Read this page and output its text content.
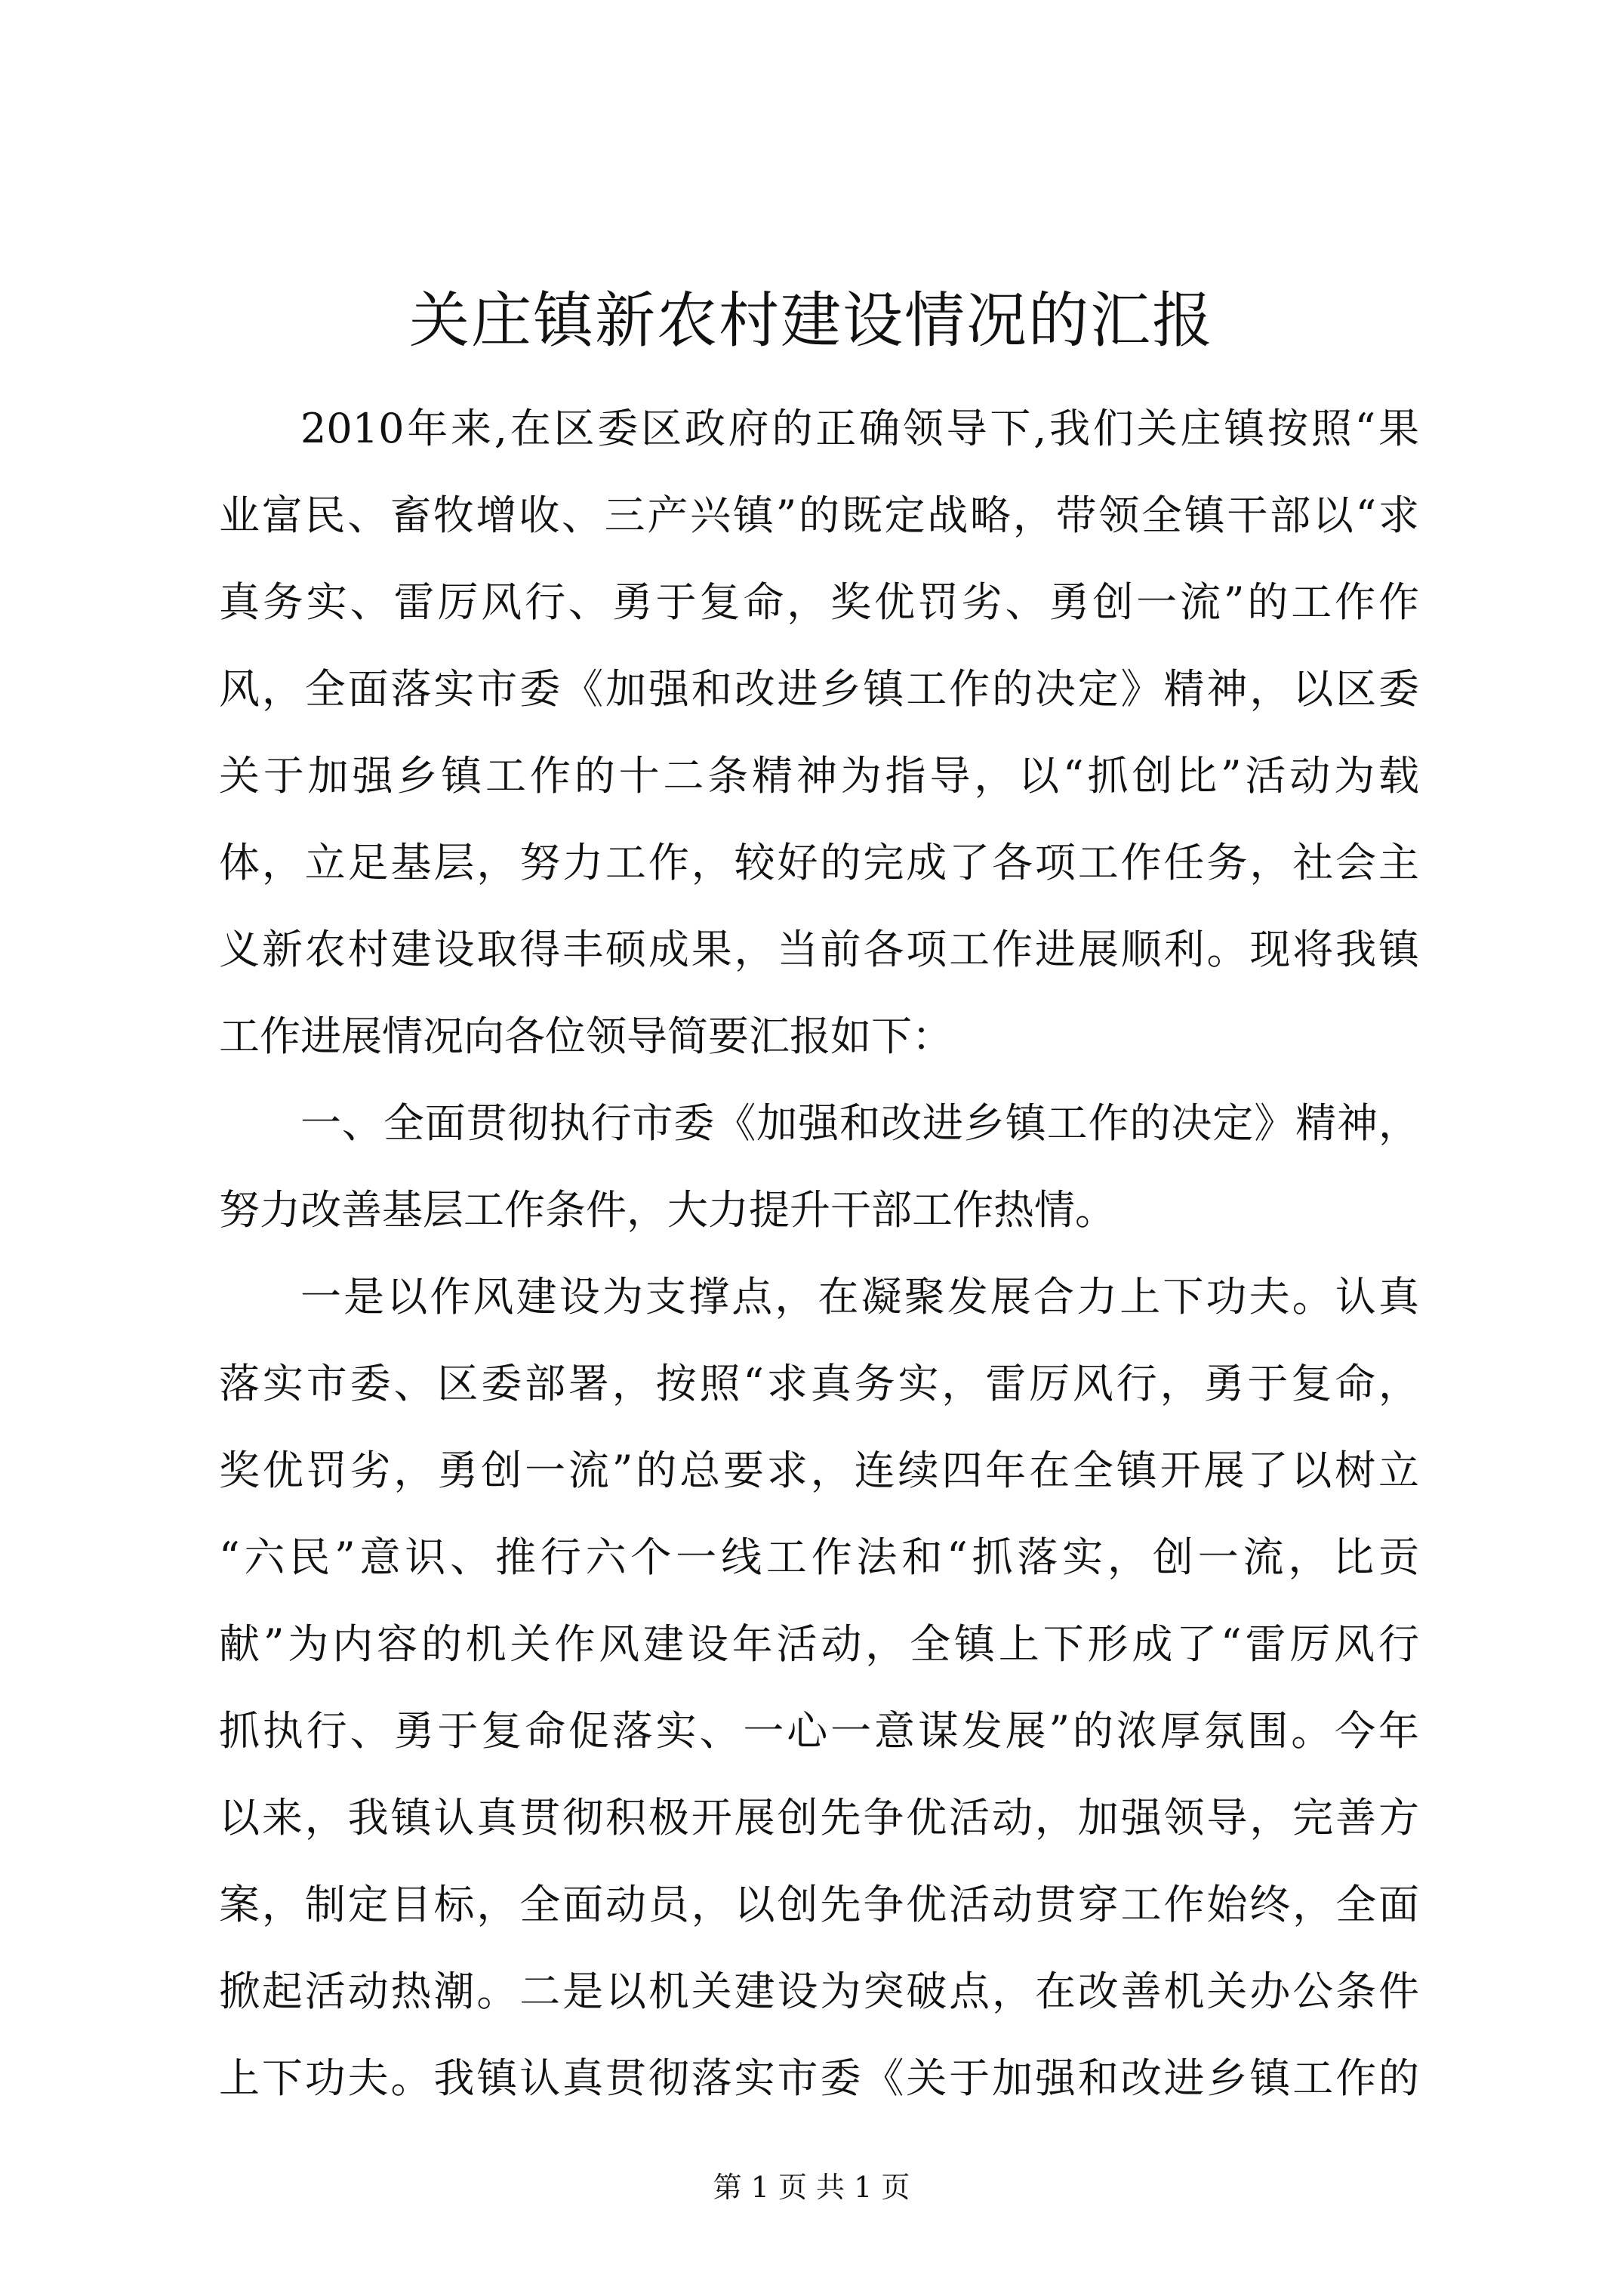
关庄镇新农村建设情况的汇报
2010年来,在区委区政府的正确领导下,我们关庄镇按照“果
业富民、畜牧增收、三产兴镇”的既定战略，带领全镇干部以“求
真务实、雷厉风行、勇于复命，奖优罚劣、勇创一流”的工作作
风，全面落实市委《加强和改进乡镇工作的决定》精神，以区委
关于加强乡镇工作的十二条精神为指导，以“抓创比”活动为载
体，立足基层，努力工作，较好的完成了各项工作任务，社会主
义新农村建设取得丰硕成果，当前各项工作进展顺利。现将我镇
工作进展情况向各位领导简要汇报如下：
一、全面贯彻执行市委《加强和改进乡镇工作的决定》精神，
努力改善基层工作条件，大力提升干部工作热情。
一是以作风建设为支撑点，在凝聚发展合力上下功夫。认真
落实市委、区委部署，按照“求真务实，雷厉风行，勇于复命，
奖优罚劣，勇创一流”的总要求，连续四年在全镇开展了以树立
“六民”意识、推行六个一线工作法和“抓落实，创一流，比贡
献”为内容的机关作风建设年活动，全镇上下形成了“雷厉风行
抓执行、勇于复命促落实、一心一意谋发展”的浓厚氛围。今年
以来，我镇认真贯彻积极开展创先争优活动，加强领导，完善方
案，制定目标，全面动员，以创先争优活动贯穿工作始终，全面
掀起活动热潮。二是以机关建设为突破点，在改善机关办公条件
上下功夫。我镇认真贯彻落实市委《关于加强和改进乡镇工作的
第 1 页 共 1 页
